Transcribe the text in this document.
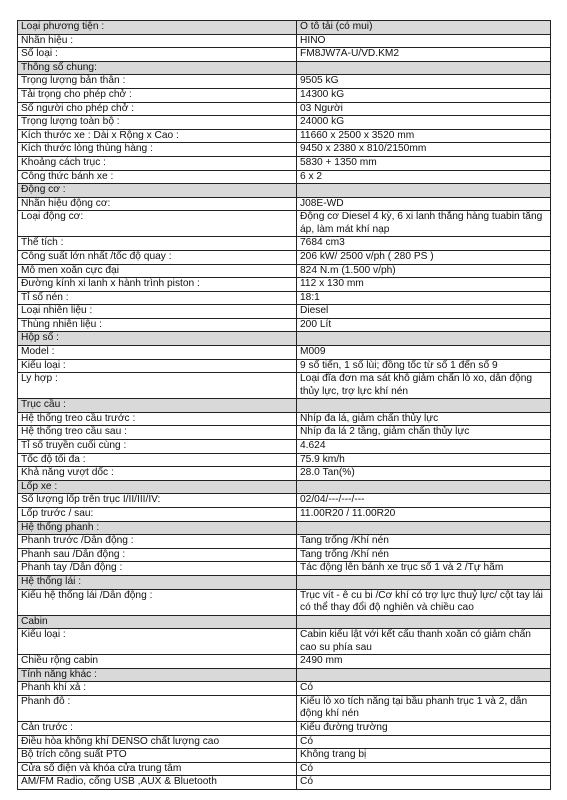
Loại phương tiện :	Ô tô tải (có mui)
Nhãn hiệu :	HINO
Số loại :	FM8JW7A-U/VD.KM2
Thông số chung:	
Trọng lượng bản thân :	9505 kG
Tải trọng cho phép chở :	14300 kG
Số người cho phép chở :	03 Người
Trọng lượng toàn bộ :	24000 kG
Kích thước xe : Dài x Rộng x Cao :	11660 x 2500 x 3520 mm
Kích thước lòng thùng hàng :	9450 x 2380 x 810/2150mm
Khoảng cách trục :	5830 + 1350 mm
Công thức bánh xe :	6 x 2
Động cơ :	
Nhãn hiệu động cơ:	J08E-WD
Loại động cơ:	Động cơ Diesel 4 kỳ, 6 xi lanh thẳng hàng tuabin tăng áp, làm mát khí nạp
Thể tích :	7684 cm3
Công suất lớn nhất /tốc độ quay :	206 kW/ 2500 v/ph ( 280 PS )
Mô men xoắn cực đại	824 N.m (1.500 v/ph)
Đường kính xi lanh x hành trình piston :	112 x 130 mm
Tỉ số nén :	18:1
Loại nhiên liệu :	Diesel
Thùng nhiên liệu :	200 Lít
Hộp số :	
Model :	M009
Kiểu loại :	9 số tiến, 1 số lùi; đồng tốc từ số 1 đến số 9
Ly hợp :	Loại đĩa đơn ma sát khô giảm chấn lò xo, dẫn động thủy lực, trợ lực khí nén
Trục cầu :	
Hệ thống treo cầu trước :	Nhíp đa lá, giảm chấn thủy lực
Hệ thống treo cầu sau :	Nhíp đa lá 2 tầng, giảm chấn thủy lực
Tỉ số truyền cuối cùng :	4.624
Tốc độ tối đa :	75.9 km/h
Khả năng vượt dốc :	28.0 Tan(%)
Lốp xe :	
Số lượng lốp trên trục I/II/III/IV:	02/04/---/---/---
Lốp trước / sau:	11.00R20 / 11.00R20
Hệ thống phanh :	
Phanh trước /Dẫn động :	Tang trống /Khí nén
Phanh sau /Dẫn động :	Tang trống /Khí nén
Phanh tay /Dẫn động :	Tác động lên bánh xe trục số 1 và 2 /Tự hãm
Hệ thống lái :	
Kiểu hệ thống lái /Dẫn động :	Trục vít - ê cu bi /Cơ khí có trợ lực thuỷ lực/ cột tay lái có thể thay đổi độ nghiên và chiều cao
Cabin	
Kiểu loại :	Cabin kiểu lật với kết cấu thanh xoắn có giảm chấn cao su phía sau
Chiều rộng cabin	2490 mm
Tính năng khác :	
Phanh khí xả :	Có
Phanh đỗ :	Kiểu lò xo tích năng tại bầu phanh trục 1 và 2, dẫn động khí nén
Cản trước :	Kiểu đường trường
Điều hòa không khí DENSO chất lượng cao	Có
Bộ trích công suất PTO	Không trang bị
Cửa sổ điện và khóa cửa trung tâm	Có
AM/FM Radio, cổng USB ,AUX & Bluetooth	Có
